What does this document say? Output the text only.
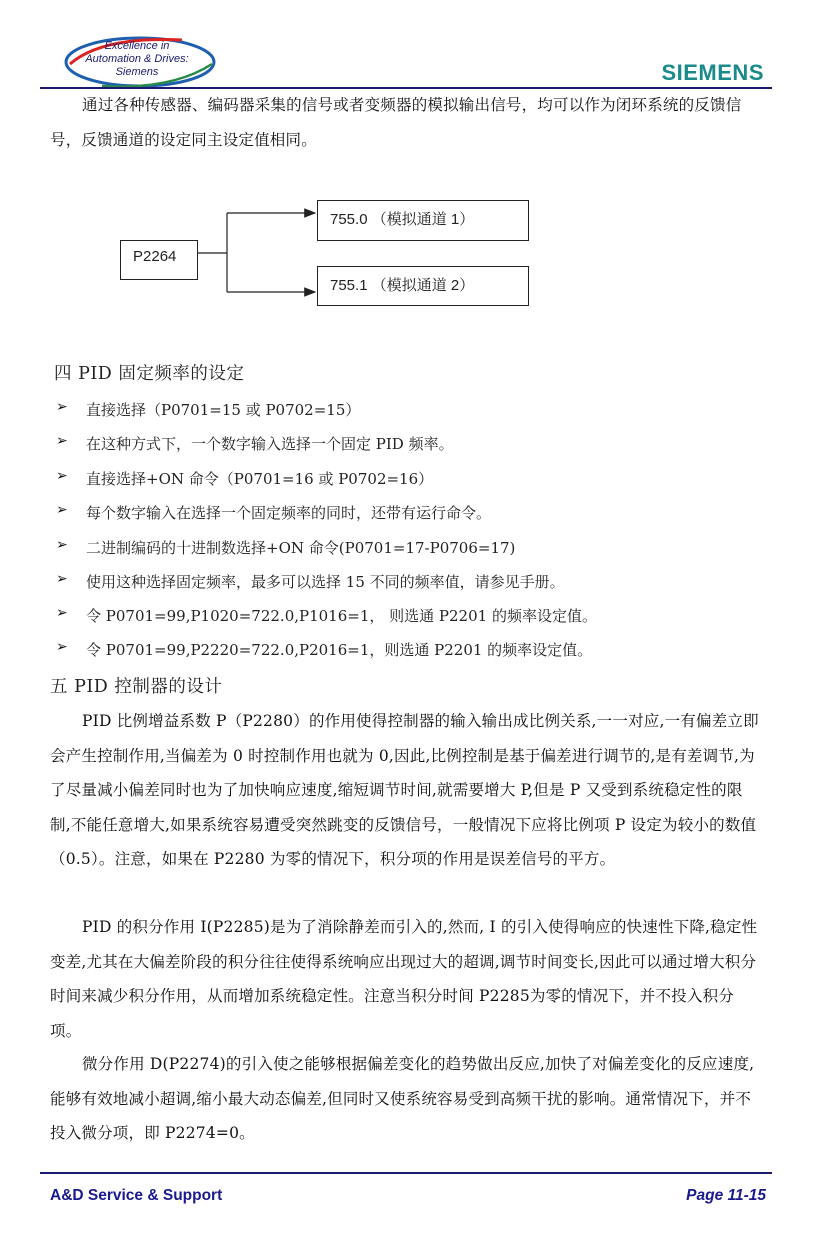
Excellence in
Automation & Drives:
Siemens	SIEMENS
通过各种传感器、编码器采集的信号或者变频器的模拟输出信号，均可以作为闭环系统的反馈信号，反馈通道的设定同主设定值相同。
P2264
755.0 （模拟通道 1）
755.1 （模拟通道 2）
四 PID 固定频率的设定
➢ 直接选择（P0701=15 或 P0702=15）
➢ 在这种方式下，一个数字输入选择一个固定 PID 频率。
➢ 直接选择+ON 命令（P0701=16 或 P0702=16）
➢ 每个数字输入在选择一个固定频率的同时，还带有运行命令。
➢ 二进制编码的十进制数选择+ON 命令(P0701=17-P0706=17)
➢ 使用这种选择固定频率，最多可以选择 15 不同的频率值，请参见手册。
➢ 令 P0701=99,P1020=722.0,P1016=1， 则选通 P2201 的频率设定值。
➢ 令 P0701=99,P2220=722.0,P2016=1，则选通 P2201 的频率设定值。
五 PID 控制器的设计
PID 比例增益系数 P（P2280）的作用使得控制器的输入输出成比例关系,一一对应,一有偏差立即会产生控制作用,当偏差为 0 时控制作用也就为 0,因此,比例控制是基于偏差进行调节的,是有差调节,为了尽量减小偏差同时也为了加快响应速度,缩短调节时间,就需要增大 P,但是 P 又受到系统稳定性的限制,不能任意增大,如果系统容易遭受突然跳变的反馈信号，一般情况下应将比例项 P 设定为较小的数值（0.5）。注意，如果在 P2280 为零的情况下，积分项的作用是误差信号的平方。
PID 的积分作用 I(P2285)是为了消除静差而引入的,然而, I 的引入使得响应的快速性下降,稳定性变差,尤其在大偏差阶段的积分往往使得系统响应出现过大的超调,调节时间变长,因此可以通过增大积分时间来减少积分作用，从而增加系统稳定性。注意当积分时间 P2285为零的情况下，并不投入积分项。
微分作用 D(P2274)的引入使之能够根据偏差变化的趋势做出反应,加快了对偏差变化的反应速度,能够有效地减小超调,缩小最大动态偏差,但同时又使系统容易受到高频干扰的影响。通常情况下，并不投入微分项，即 P2274=0。
A&D Service & Support	Page 11-15
